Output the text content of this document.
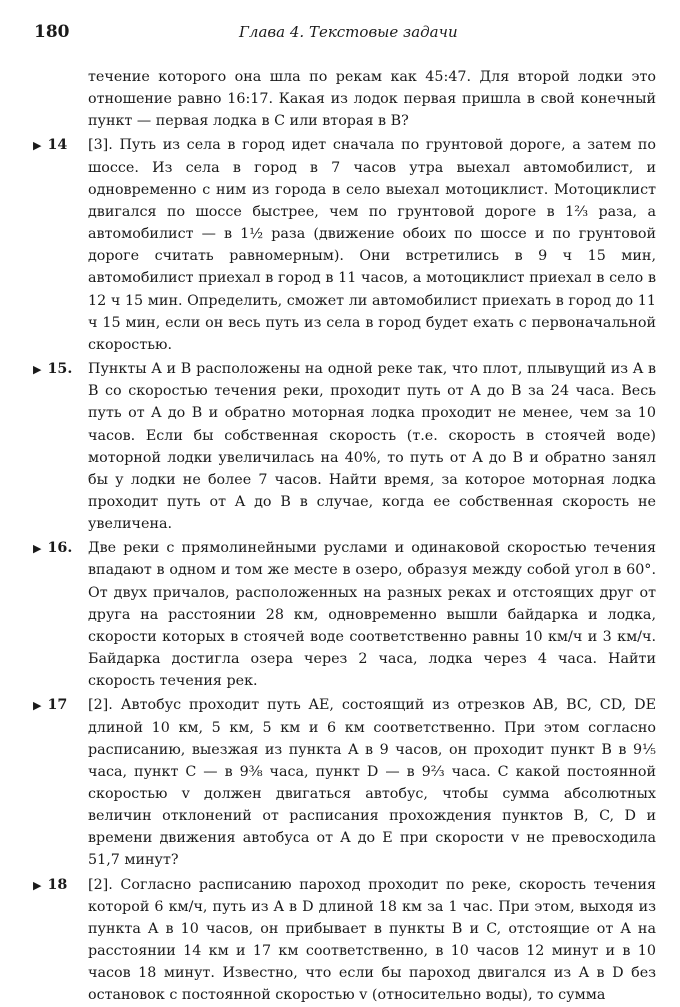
180	Глава 4. Текстовые задачи

течение которого она шла по рекам как 45:47. Для второй лодки это отношение равно 16:17. Какая из лодок первая пришла в свой конечный пункт — первая лодка в C или вторая в B?

▶ 14 [3]. Путь из села в город идет сначала по грунтовой дороге, а затем по шоссе. Из села в город в 7 часов утра выехал автомобилист, и одновременно с ним из города в село выехал мотоциклист. Мотоциклист двигался по шоссе быстрее, чем по грунтовой дороге в 1⅔ раза, а автомобилист — в 1½ раза (движение обоих по шоссе и по грунтовой дороге считать равномерным). Они встретились в 9 ч 15 мин, автомобилист приехал в город в 11 часов, а мотоциклист приехал в село в 12 ч 15 мин. Определить, сможет ли автомобилист приехать в город до 11 ч 15 мин, если он весь путь из села в город будет ехать с первоначальной скоростью.

▶ 15. Пункты A и B расположены на одной реке так, что плот, плывущий из A в B со скоростью течения реки, проходит путь от A до B за 24 часа. Весь путь от A до B и обратно моторная лодка проходит не менее, чем за 10 часов. Если бы собственная скорость (т.е. скорость в стоячей воде) моторной лодки увеличилась на 40%, то путь от A до B и обратно занял бы у лодки не более 7 часов. Найти время, за которое моторная лодка проходит путь от A до B в случае, когда ее собственная скорость не увеличена.

▶ 16. Две реки с прямолинейными руслами и одинаковой скоростью течения впадают в одном и том же месте в озеро, образуя между собой угол в 60°. От двух причалов, расположенных на разных реках и отстоящих друг от друга на расстоянии 28 км, одновременно вышли байдарка и лодка, скорости которых в стоячей воде соответственно равны 10 км/ч и 3 км/ч. Байдарка достигла озера через 2 часа, лодка через 4 часа. Найти скорость течения рек.

▶ 17 [2]. Автобус проходит путь AE, состоящий из отрезков AB, BC, CD, DE длиной 10 км, 5 км, 5 км и 6 км соответственно. При этом согласно расписанию, выезжая из пункта A в 9 часов, он проходит пункт B в 9⅕ часа, пункт C — в 9⅜ часа, пункт D — в 9⅔ часа. С какой постоянной скоростью v должен двигаться автобус, чтобы сумма абсолютных величин отклонений от расписания прохождения пунктов B, C, D и времени движения автобуса от A до E при скорости v не превосходила 51,7 минут?

▶ 18 [2]. Согласно расписанию пароход проходит по реке, скорость течения которой 6 км/ч, путь из A в D длиной 18 км за 1 час. При этом, выходя из пункта A в 10 часов, он прибывает в пункты B и C, отстоящие от A на расстоянии 14 км и 17 км соответственно, в 10 часов 12 минут и в 10 часов 18 минут. Известно, что если бы пароход двигался из A в D без остановок с постоянной скоростью v (относительно воды), то сумма
